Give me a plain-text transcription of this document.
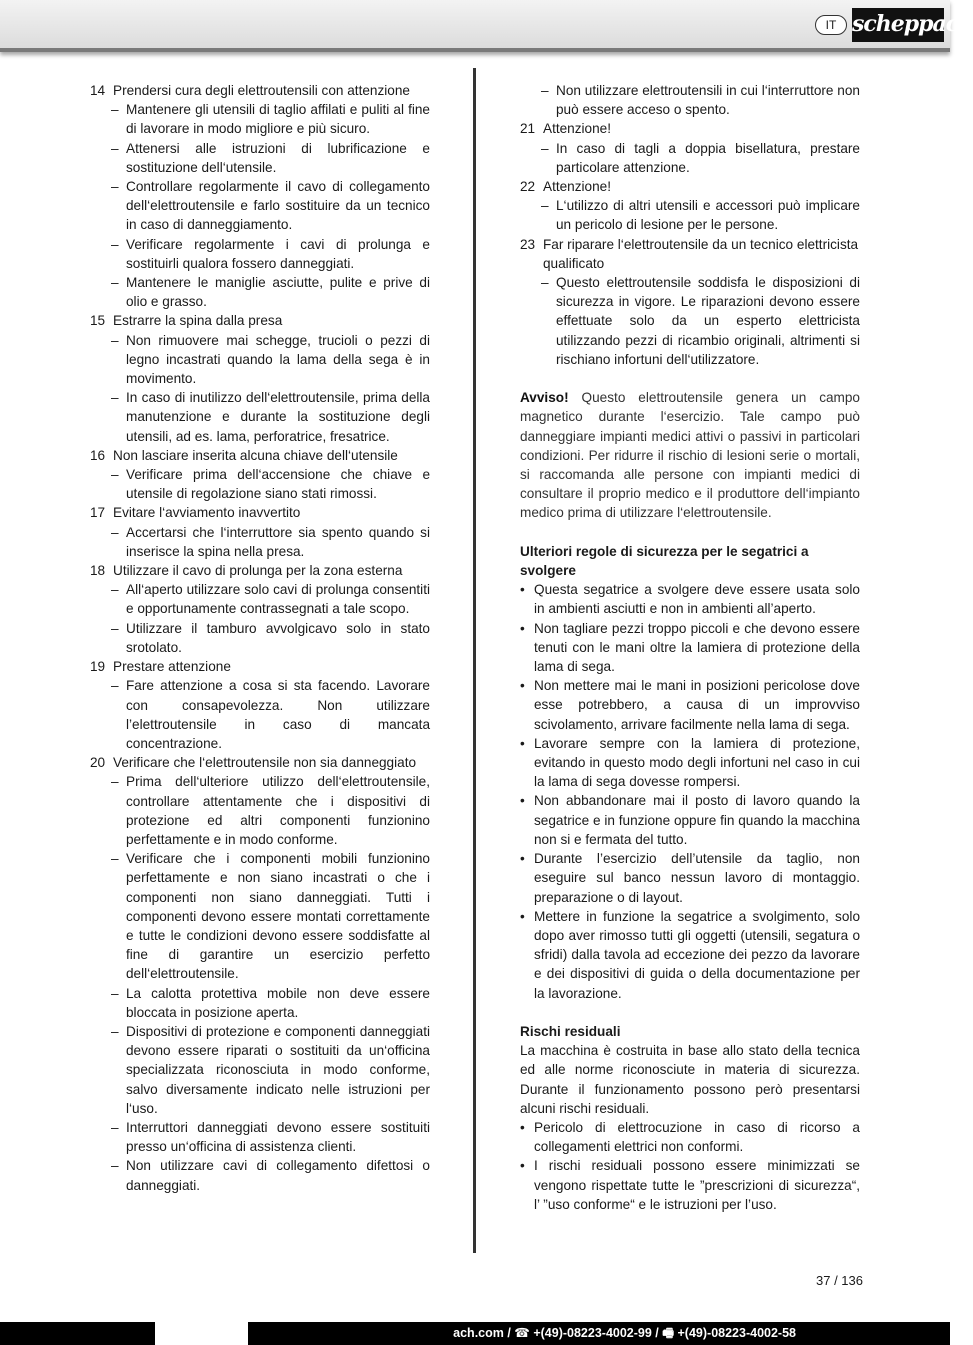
IT scheppach
14 Prendersi cura degli elettroutensili con attenzione
– Mantenere gli utensili di taglio affilati e puliti al fine di lavorare in modo migliore e più sicuro.
– Attenersi alle istruzioni di lubrificazione e sostituzione dell‘utensile.
– Controllare regolarmente il cavo di collegamento dell‘elettroutensile e farlo sostituire da un tecnico in caso di danneggiamento.
– Verificare regolarmente i cavi di prolunga e sostituirli qualora fossero danneggiati.
– Mantenere le maniglie asciutte, pulite e prive di olio e grasso.
15 Estrarre la spina dalla presa
– Non rimuovere mai schegge, trucioli o pezzi di legno incastrati quando la lama della sega è in movimento.
– In caso di inutilizzo dell‘elettroutensile, prima della manutenzione e durante la sostituzione degli utensili, ad es. lama, perforatrice, fresatrice.
16 Non lasciare inserita alcuna chiave dell‘utensile
– Verificare prima dell‘accensione che chiave e utensile di regolazione siano stati rimossi.
17 Evitare l‘avviamento inavvertito
– Accertarsi che l‘interruttore sia spento quando si inserisce la spina nella presa.
18 Utilizzare il cavo di prolunga per la zona esterna
– All‘aperto utilizzare solo cavi di prolunga consentiti e opportunamente contrassegnati a tale scopo.
– Utilizzare il tamburo avvolgicavo solo in stato srotolato.
19 Prestare attenzione
– Fare attenzione a cosa si sta facendo. Lavorare con consapevolezza. Non utilizzare l’elettroutensile in caso di mancata concentrazione.
20 Verificare che l‘elettroutensile non sia danneggiato
– Prima dell‘ulteriore utilizzo dell‘elettroutensile, controllare attentamente che i dispositivi di protezione ed altri componenti funzionino perfettamente e in modo conforme.
– Verificare che i componenti mobili funzionino perfettamente e non siano incastrati o che i componenti non siano danneggiati. Tutti i componenti devono essere montati correttamente e tutte le condizioni devono essere soddisfatte al fine di garantire un esercizio perfetto dell‘elettroutensile.
– La calotta protettiva mobile non deve essere bloccata in posizione aperta.
– Dispositivi di protezione e componenti danneggiati devono essere riparati o sostituiti da un‘officina specializzata riconosciuta in modo conforme, salvo diversamente indicato nelle istruzioni per l‘uso.
– Interruttori danneggiati devono essere sostituiti presso un‘officina di assistenza clienti.
– Non utilizzare cavi di collegamento difettosi o danneggiati.
– Non utilizzare elettroutensili in cui l‘interruttore non può essere acceso o spento.
21 Attenzione!
– In caso di tagli a doppia bisellatura, prestare particolare attenzione.
22 Attenzione!
– L‘utilizzo di altri utensili e accessori può implicare un pericolo di lesione per le persone.
23 Far riparare l‘elettroutensile da un tecnico elettricista qualificato
– Questo elettroutensile soddisfa le disposizioni di sicurezza in vigore. Le riparazioni devono essere effettuate solo da un esperto elettricista utilizzando pezzi di ricambio originali, altrimenti si rischiano infortuni dell‘utilizzatore.
Avviso! Questo elettroutensile genera un campo magnetico durante l‘esercizio. Tale campo può danneggiare impianti medici attivi o passivi in particolari condizioni. Per ridurre il rischio di lesioni serie o mortali, si raccomanda alle persone con impianti medici di consultare il proprio medico e il produttore dell‘impianto medico prima di utilizzare l‘elettroutensile.
Ulteriori regole di sicurezza per le segatrici a svolgere
• Questa segatrice a svolgere deve essere usata solo in ambienti asciutti e non in ambienti all’aperto.
• Non tagliare pezzi troppo piccoli e che devono essere tenuti con le mani oltre la lamiera di protezione della lama di sega.
• Non mettere mai le mani in posizioni pericolose dove esse potrebbero, a causa di un improvviso scivolamento, arrivare facilmente nella lama di sega.
• Lavorare sempre con la lamiera di protezione, evitando in questo modo degli infortuni nel caso in cui la lama di sega dovesse rompersi.
• Non abbandonare mai il posto di lavoro quando la segatrice e in funzione oppure fin quando la macchina non si e fermata del tutto.
• Durante l’esercizio dell’utensile da taglio, non eseguire sul banco nessun lavoro di montaggio. preparazione o di layout.
• Mettere in funzione la segatrice a svolgimento, solo dopo aver rimosso tutti gli oggetti (utensili, segatura o sfridi) dalla tavola ad eccezione dei pezzo da lavorare e dei dispositivi di guida o della documentazione per la lavorazione.
Rischi residuali
La macchina è costruita in base allo stato della tecnica ed alle norme riconosciute in materia di sicurezza. Durante il funzionamento possono però presentarsi alcuni rischi residuali.
• Pericolo di elettrocuzione in caso di ricorso a collegamenti elettrici non conformi.
• I rischi residuali possono essere minimizzati se vengono rispettate tutte le ”prescrizioni di sicurezza“, l’ ”uso conforme“ e le istruzioni per l’uso.
37 / 136
ach.com / ☎ +(49)-08223-4002-99 / 🖷 +(49)-08223-4002-58
